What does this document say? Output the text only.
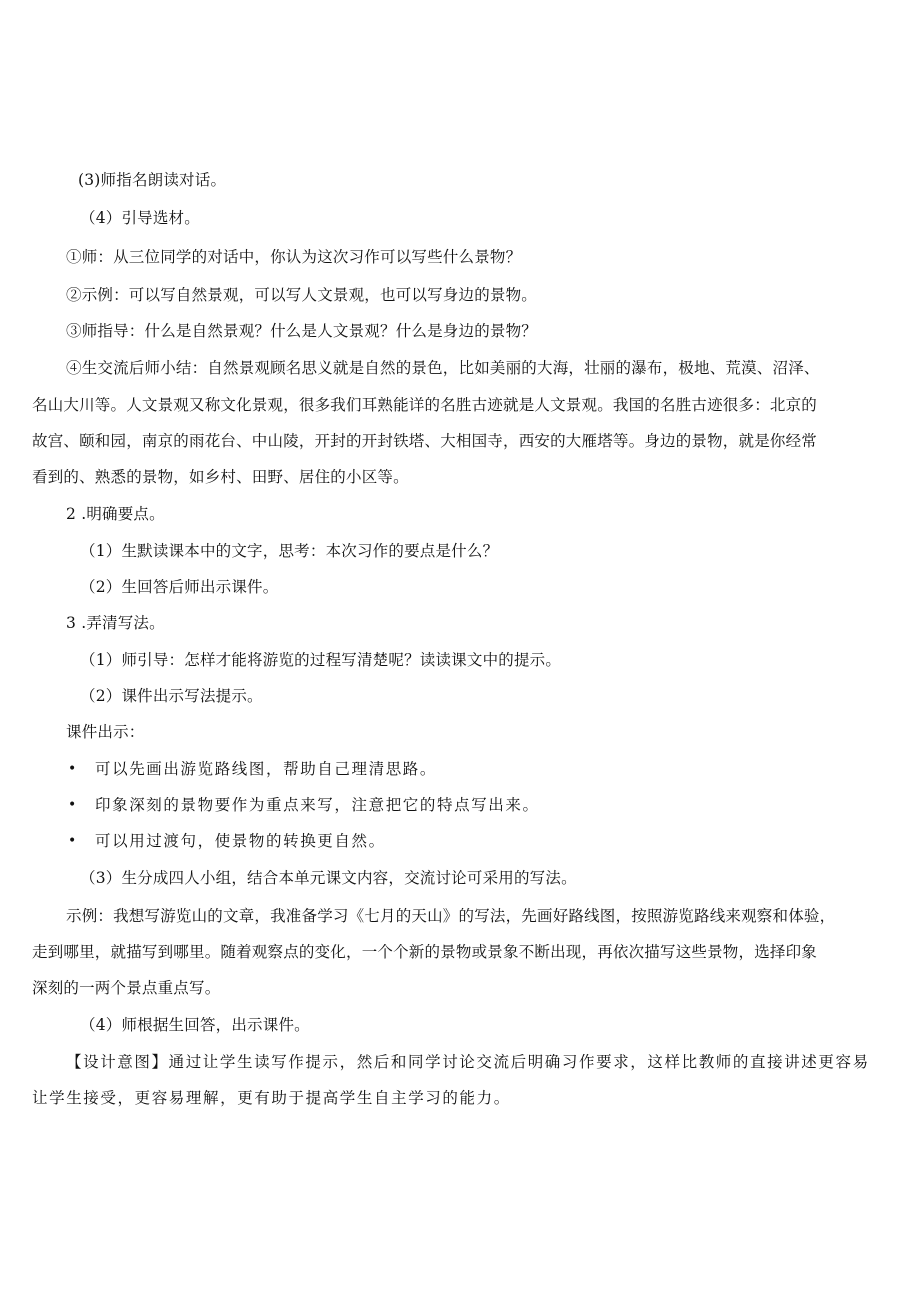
(3)师指名朗读对话。
（4）引导选材。
①师：从三位同学的对话中，你认为这次习作可以写些什么景物？
②示例：可以写自然景观，可以写人文景观，也可以写身边的景物。
③师指导：什么是自然景观？什么是人文景观？什么是身边的景物？
④生交流后师小结：自然景观顾名思义就是自然的景色，比如美丽的大海，壮丽的瀑布，极地、荒漠、沼泽、
名山大川等。人文景观又称文化景观，很多我们耳熟能详的名胜古迹就是人文景观。我国的名胜古迹很多：北京的
故宫、颐和园，南京的雨花台、中山陵，开封的开封铁塔、大相国寺，西安的大雁塔等。身边的景物，就是你经常
看到的、熟悉的景物，如乡村、田野、居住的小区等。
2 .明确要点。
（1）生默读课本中的文字，思考：本次习作的要点是什么？
（2）生回答后师出示课件。
3 .弄清写法。
（1）师引导：怎样才能将游览的过程写清楚呢？读读课文中的提示。
（2）课件出示写法提示。
课件出示：
• 可以先画出游览路线图，帮助自己理清思路。
• 印象深刻的景物要作为重点来写，注意把它的特点写出来。
• 可以用过渡句，使景物的转换更自然。
（3）生分成四人小组，结合本单元课文内容，交流讨论可采用的写法。
示例：我想写游览山的文章，我准备学习《七月的天山》的写法，先画好路线图，按照游览路线来观察和体验，
走到哪里，就描写到哪里。随着观察点的变化，一个个新的景物或景象不断出现，再依次描写这些景物，选择印象
深刻的一两个景点重点写。
（4）师根据生回答，出示课件。
【设计意图】通过让学生读写作提示，然后和同学讨论交流后明确习作要求，这样比教师的直接讲述更容易
让学生接受，更容易理解，更有助于提高学生自主学习的能力。
